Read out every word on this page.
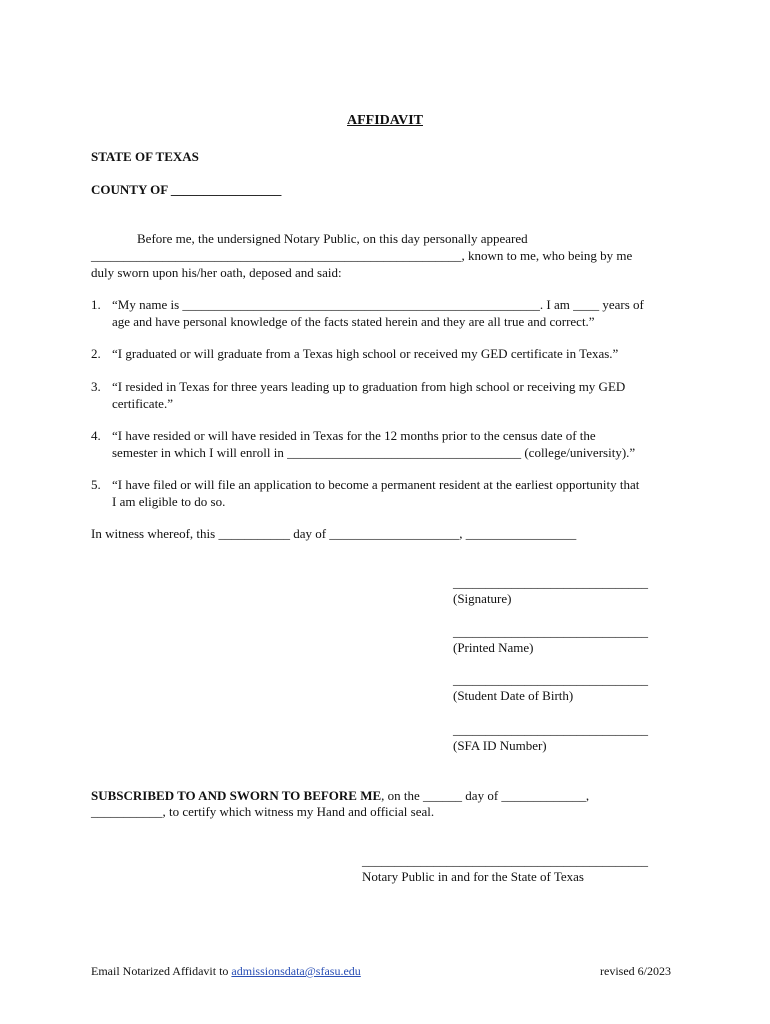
AFFIDAVIT
STATE OF TEXAS
COUNTY OF _________________
Before me, the undersigned Notary Public, on this day personally appeared
_________________________________________________________, known to me, who being by me
duly sworn upon his/her oath, deposed and said:
1. “My name is _______________________________________________________. I am ____ years of
age and have personal knowledge of the facts stated herein and they are all true and correct.”
2. “I graduated or will graduate from a Texas high school or received my GED certificate in Texas.”
3. “I resided in Texas for three years leading up to graduation from high school or receiving my GED
certificate.”
4. “I have resided or will have resided in Texas for the 12 months prior to the census date of the
semester in which I will enroll in ____________________________________ (college/university).”
5. “I have filed or will file an application to become a permanent resident at the earliest opportunity that
I am eligible to do so.
In witness whereof, this ___________ day of ____________________, _________________
______________________________
(Signature)
______________________________
(Printed Name)
______________________________
(Student Date of Birth)
______________________________
(SFA ID Number)
SUBSCRIBED TO AND SWORN TO BEFORE ME, on the ______ day of _____________,
___________, to certify which witness my Hand and official seal.
____________________________________________
Notary Public in and for the State of Texas
Email Notarized Affidavit to admissionsdata@sfasu.edu	revised 6/2023
